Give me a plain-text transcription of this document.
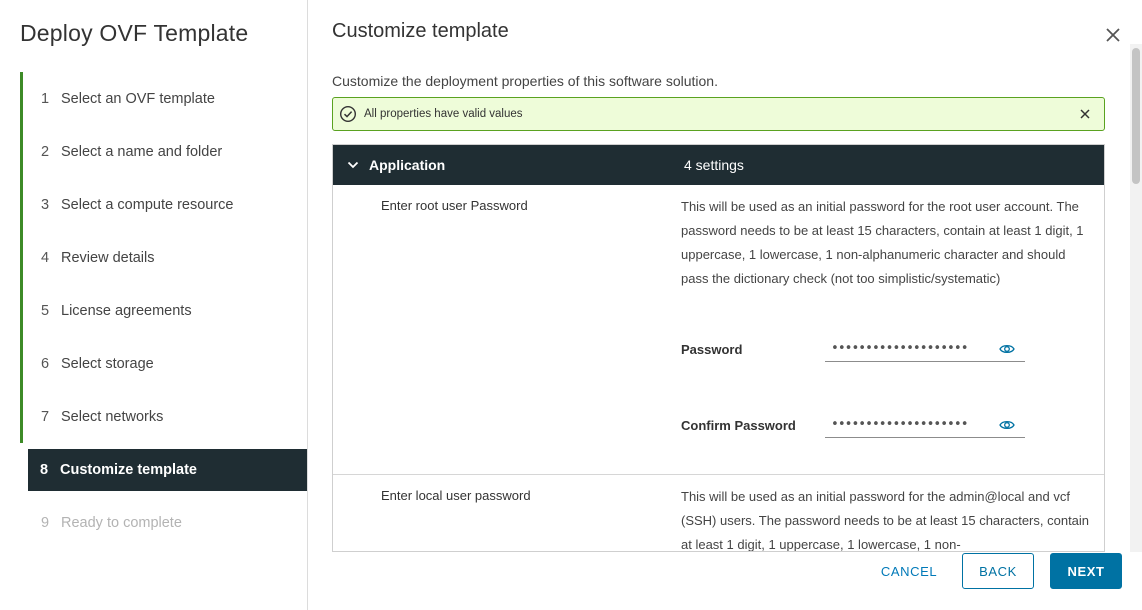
Deploy OVF Template
1 Select an OVF template
2 Select a name and folder
3 Select a compute resource
4 Review details
5 License agreements
6 Select storage
7 Select networks
8 Customize template
9 Ready to complete
Customize template
Customize the deployment properties of this software solution.
All properties have valid values
Application	4 settings
Enter root user Password	This will be used as an initial password for the root user account. The password needs to be at least 15 characters, contain at least 1 digit, 1 uppercase, 1 lowercase, 1 non-alphanumeric character and should pass the dictionary check (not too simplistic/systematic)
Password
••••••••••••••••••••
Confirm Password
••••••••••••••••••••
Enter local user password	This will be used as an initial password for the admin@local and vcf (SSH) users. The password needs to be at least 15 characters, contain at least 1 digit, 1 uppercase, 1 lowercase, 1 non-
CANCEL	BACK	NEXT
